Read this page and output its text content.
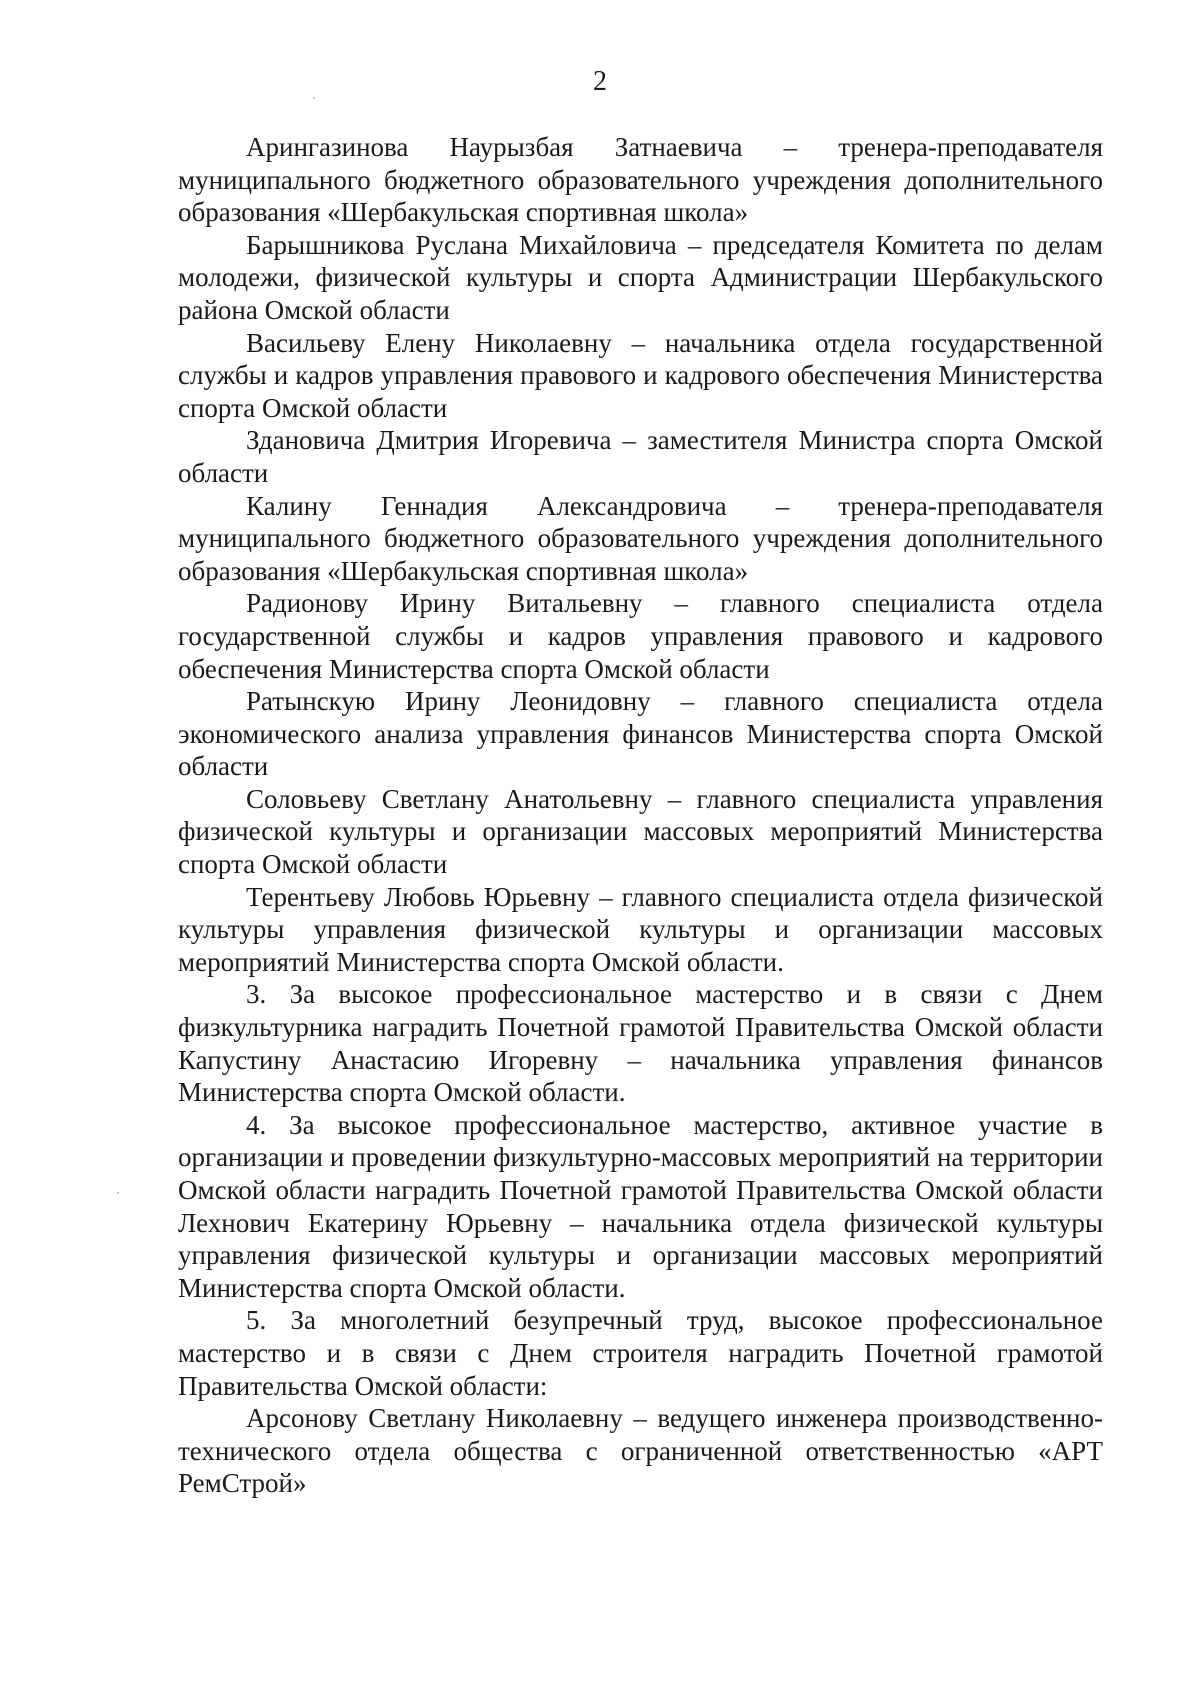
2

Арингазинова Наурызбая Затнаевича – тренера-преподавателя муниципального бюджетного образовательного учреждения дополнительного образования «Шербакульская спортивная школа»

Барышникова Руслана Михайловича – председателя Комитета по делам молодежи, физической культуры и спорта Администрации Шербакульского района Омской области

Васильеву Елену Николаевну – начальника отдела государственной службы и кадров управления правового и кадрового обеспечения Министерства спорта Омской области

Здановича Дмитрия Игоревича – заместителя Министра спорта Омской области

Калину Геннадия Александровича – тренера-преподавателя муниципального бюджетного образовательного учреждения дополнительного образования «Шербакульская спортивная школа»

Радионову Ирину Витальевну – главного специалиста отдела государственной службы и кадров управления правового и кадрового обеспечения Министерства спорта Омской области

Ратынскую Ирину Леонидовну – главного специалиста отдела экономического анализа управления финансов Министерства спорта Омской области

Соловьеву Светлану Анатольевну – главного специалиста управления физической культуры и организации массовых мероприятий Министерства спорта Омской области

Терентьеву Любовь Юрьевну – главного специалиста отдела физической культуры управления физической культуры и организации массовых мероприятий Министерства спорта Омской области.

3. За высокое профессиональное мастерство и в связи с Днем физкультурника наградить Почетной грамотой Правительства Омской области Капустину Анастасию Игоревну – начальника управления финансов Министерства спорта Омской области.

4. За высокое профессиональное мастерство, активное участие в организации и проведении физкультурно-массовых мероприятий на территории Омской области наградить Почетной грамотой Правительства Омской области Лехнович Екатерину Юрьевну – начальника отдела физической культуры управления физической культуры и организации массовых мероприятий Министерства спорта Омской области.

5. За многолетний безупречный труд, высокое профессиональное мастерство и в связи с Днем строителя наградить Почетной грамотой Правительства Омской области:

Арсонову Светлану Николаевну – ведущего инженера производственно-технического отдела общества с ограниченной ответственностью «АРТ РемСтрой»
